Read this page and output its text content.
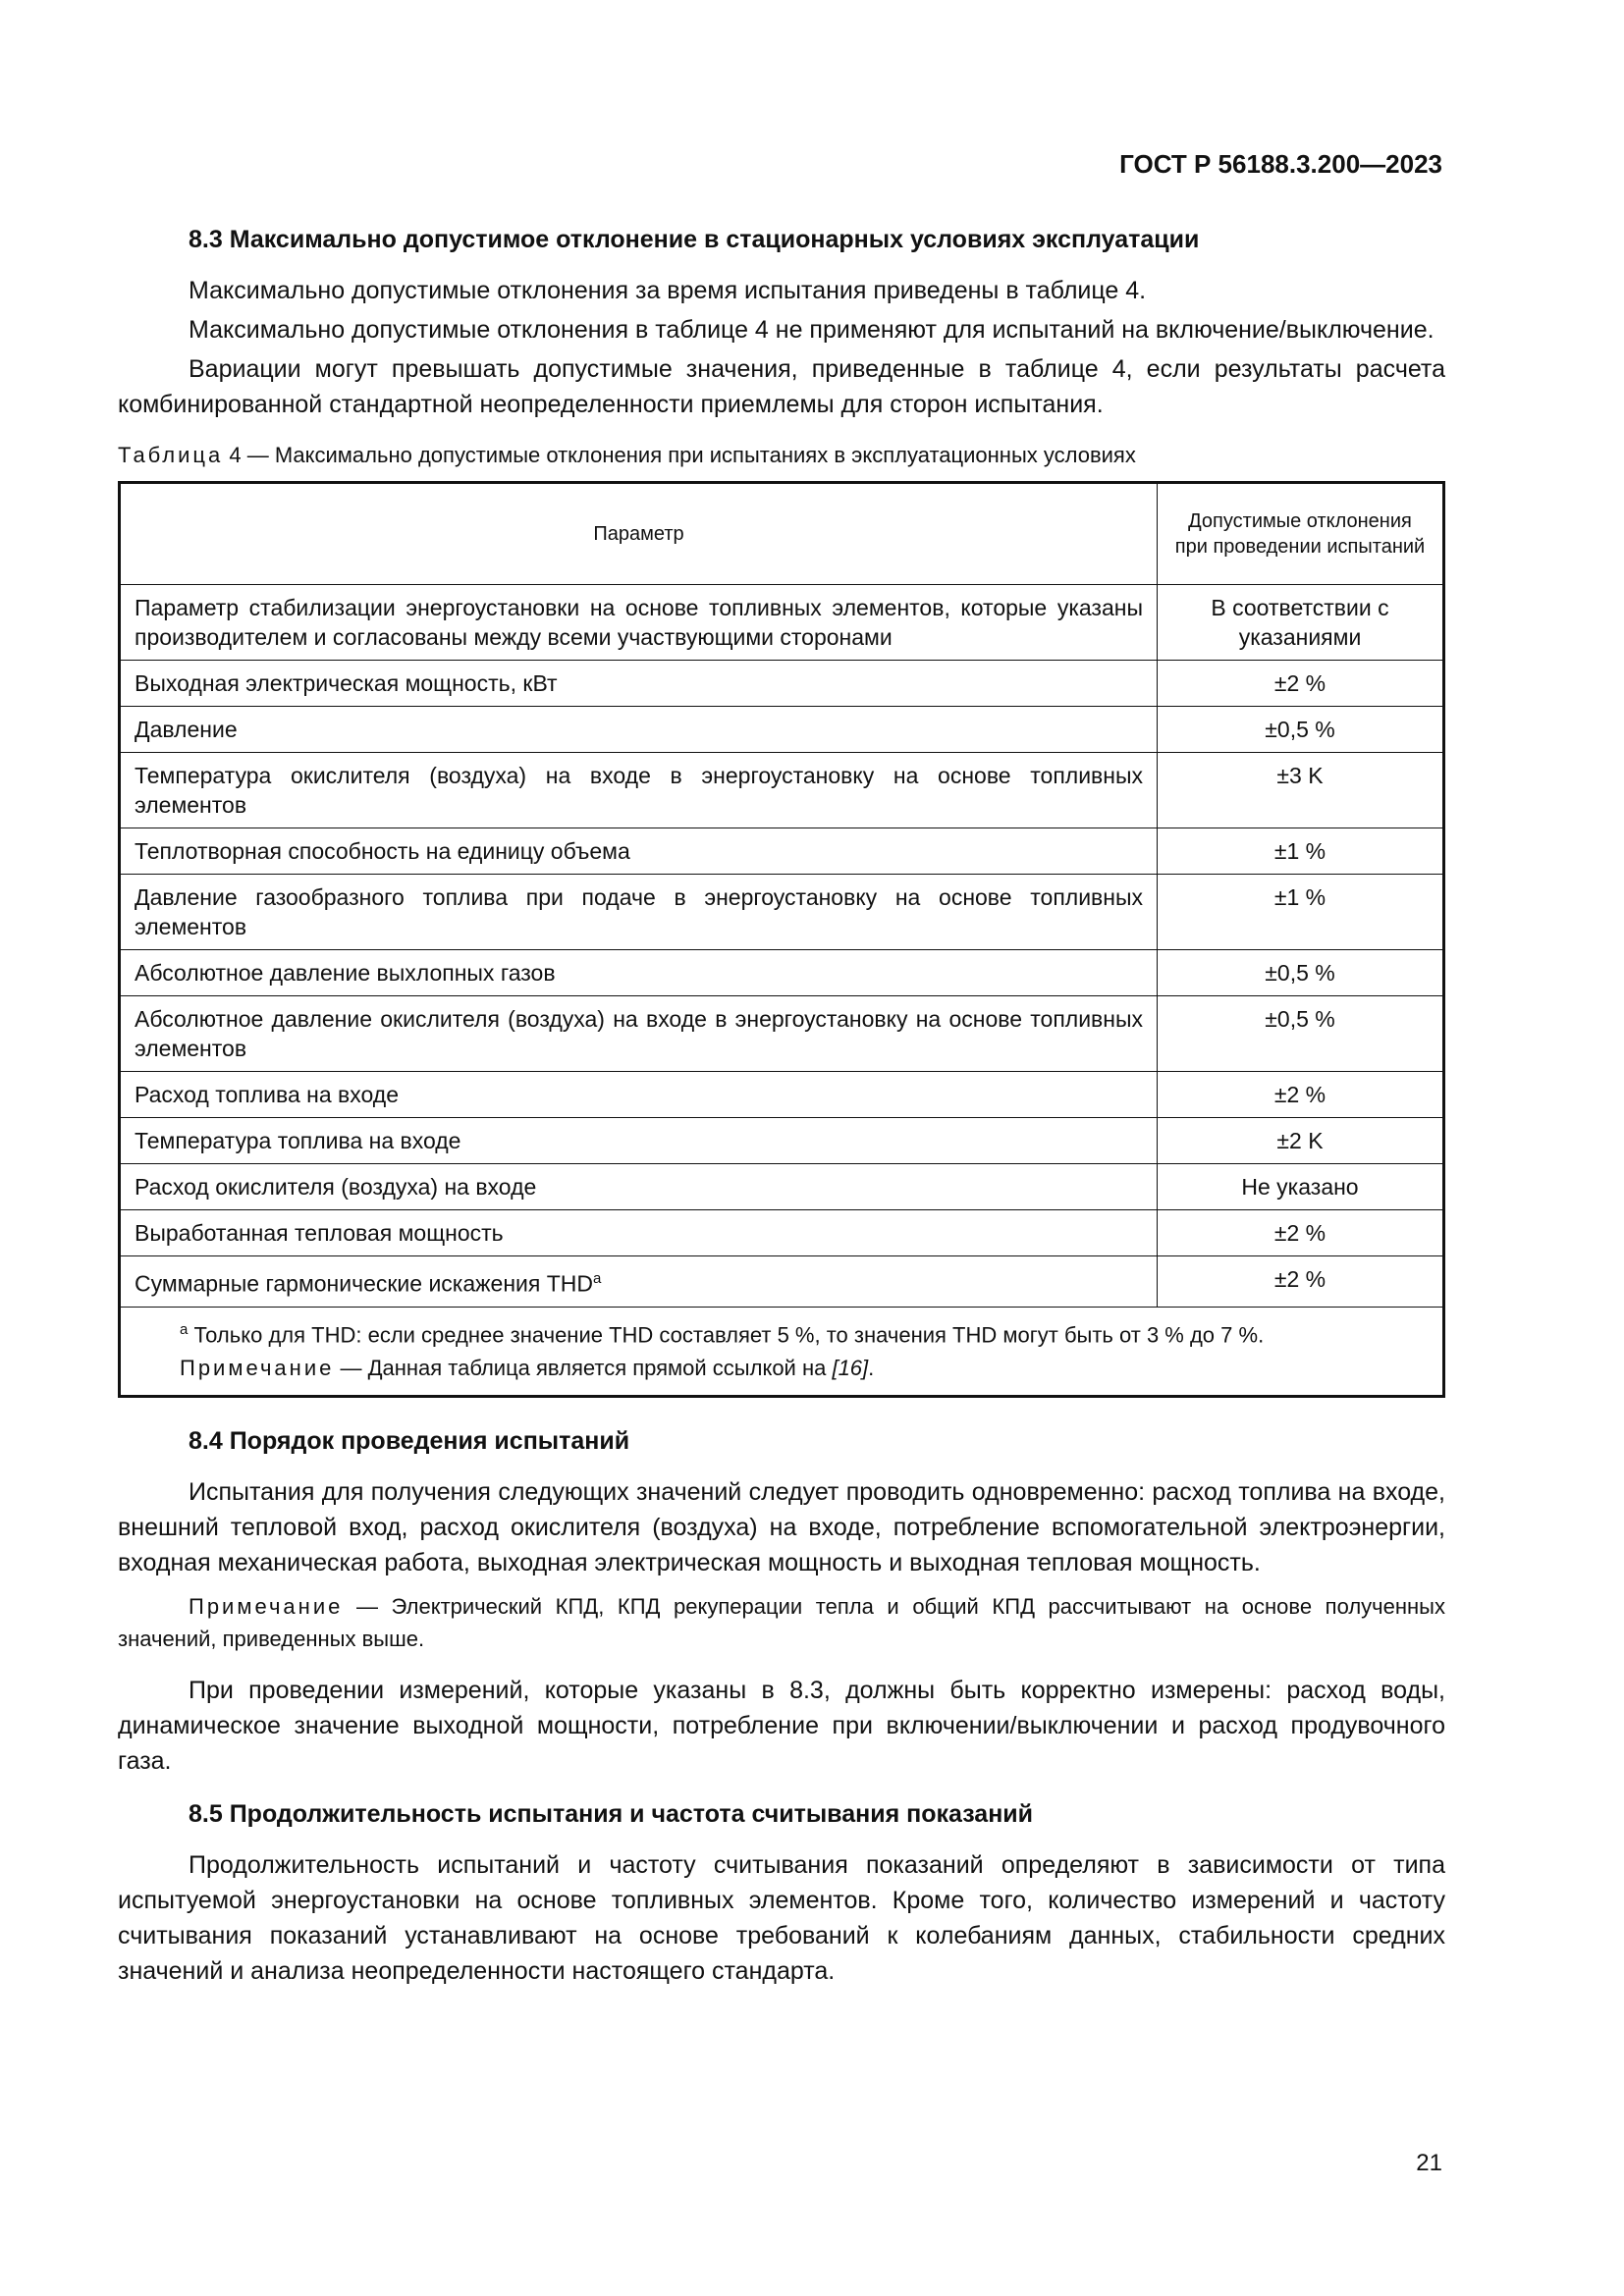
ГОСТ Р 56188.3.200—2023
8.3 Максимально допустимое отклонение в стационарных условиях эксплуатации

Максимально допустимые отклонения за время испытания приведены в таблице 4.

Максимально допустимые отклонения в таблице 4 не применяют для испытаний на включение/выключение.

Вариации могут превышать допустимые значения, приведенные в таблице 4, если результаты расчета комбинированной стандартной неопределенности приемлемы для сторон испытания.

Таблица 4 — Максимально допустимые отклонения при испытаниях в эксплуатационных условиях
Параметр	Допустимые отклонения при проведении испытаний
Параметр стабилизации энергоустановки на основе топливных элементов, которые указаны производителем и согласованы между всеми участвующими сторонами	В соответствии с указаниями
Выходная электрическая мощность, кВт	±2 %
Давление	±0,5 %
Температура окислителя (воздуха) на входе в энергоустановку на основе топливных элементов	±3 K
Теплотворная способность на единицу объема	±1 %
Давление газообразного топлива при подаче в энергоустановку на основе топливных элементов	±1 %
Абсолютное давление выхлопных газов	±0,5 %
Абсолютное давление окислителя (воздуха) на входе в энергоустановку на основе топливных элементов	±0,5 %
Расход топлива на входе	±2 %
Температура топлива на входе	±2 K
Расход окислителя (воздуха) на входе	Не указано
Выработанная тепловая мощность	±2 %
Суммарные гармонические искажения $THD^a$	±2 %

$^a$ Только для THD: если среднее значение THD составляет 5 %, то значения THD могут быть от 3 % до 7 %.
Примечание — Данная таблица является прямой ссылкой на [16].	
8.4 Порядок проведения испытаний

Испытания для получения следующих значений следует проводить одновременно: расход топлива на входе, внешний тепловой вход, расход окислителя (воздуха) на входе, потребление вспомогательной электроэнергии, входная механическая работа, выходная электрическая мощность и выходная тепловая мощность.

Примечание — Электрический КПД, КПД рекуперации тепла и общий КПД рассчитывают на основе полученных значений, приведенных выше.

При проведении измерений, которые указаны в 8.3, должны быть корректно измерены: расход воды, динамическое значение выходной мощности, потребление при включении/выключении и расход продувочного газа.

8.5 Продолжительность испытания и частота считывания показаний

Продолжительность испытаний и частоту считывания показаний определяют в зависимости от типа испытуемой энергоустановки на основе топливных элементов. Кроме того, количество измерений и частоту считывания показаний устанавливают на основе требований к колебаниям данных, стабильности средних значений и анализа неопределенности настоящего стандарта.

21
